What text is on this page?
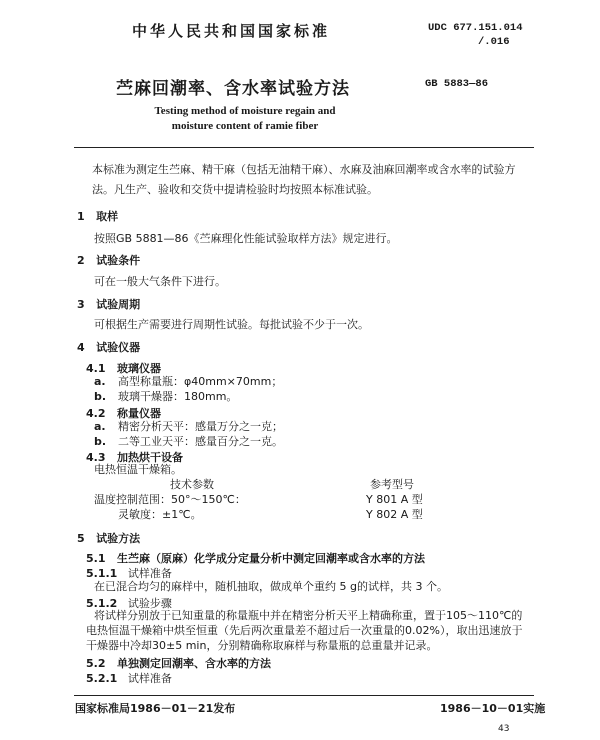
中华人民共和国国家标准	UDC 677.151.014
/.016
苎麻回潮率、含水率试验方法	GB 5883—86
Testing method of moisture regain and
moisture content of ramie fiber
本标准为测定生苎麻、精干麻（包括无油精干麻）、水麻及油麻回潮率或含水率的试验方法。凡生产、验收和交货中提请检验时均按照本标准试验。
1 取样
按照GB 5881—86《苎麻理化性能试验取样方法》规定进行。
2 试验条件
可在一般大气条件下进行。
3 试验周期
可根据生产需要进行周期性试验。每批试验不少于一次。
4 试验仪器
4.1 玻璃仪器
a. 高型称量瓶：φ40mm×70mm；
b. 玻璃干燥器：180mm。
4.2 称量仪器
a. 精密分析天平：感量万分之一克；
b. 二等工业天平：感量百分之一克。
4.3 加热烘干设备
电热恒温干燥箱。
技术参数	参考型号
温度控制范围：50°～150℃：	Y 801 A 型
灵敏度：±1℃。	Y 802 A 型
5 试验方法
5.1 生苎麻（原麻）化学成分定量分析中测定回潮率或含水率的方法
5.1.1 试样准备
在已混合均匀的麻样中，随机抽取，做成单个重约 5 g的试样，共 3 个。
5.1.2 试验步骤
将试样分别放于已知重量的称量瓶中并在精密分析天平上精确称重，置于105～110℃的电热恒温干燥箱中烘至恒重（先后两次重量差不超过后一次重量的0.02%），取出迅速放于干燥器中冷却30±5 min，分别精确称取麻样与称量瓶的总重量并记录。
5.2 单独测定回潮率、含水率的方法
5.2.1 试样准备
国家标准局1986－01－21发布	1986－10－01实施
43
